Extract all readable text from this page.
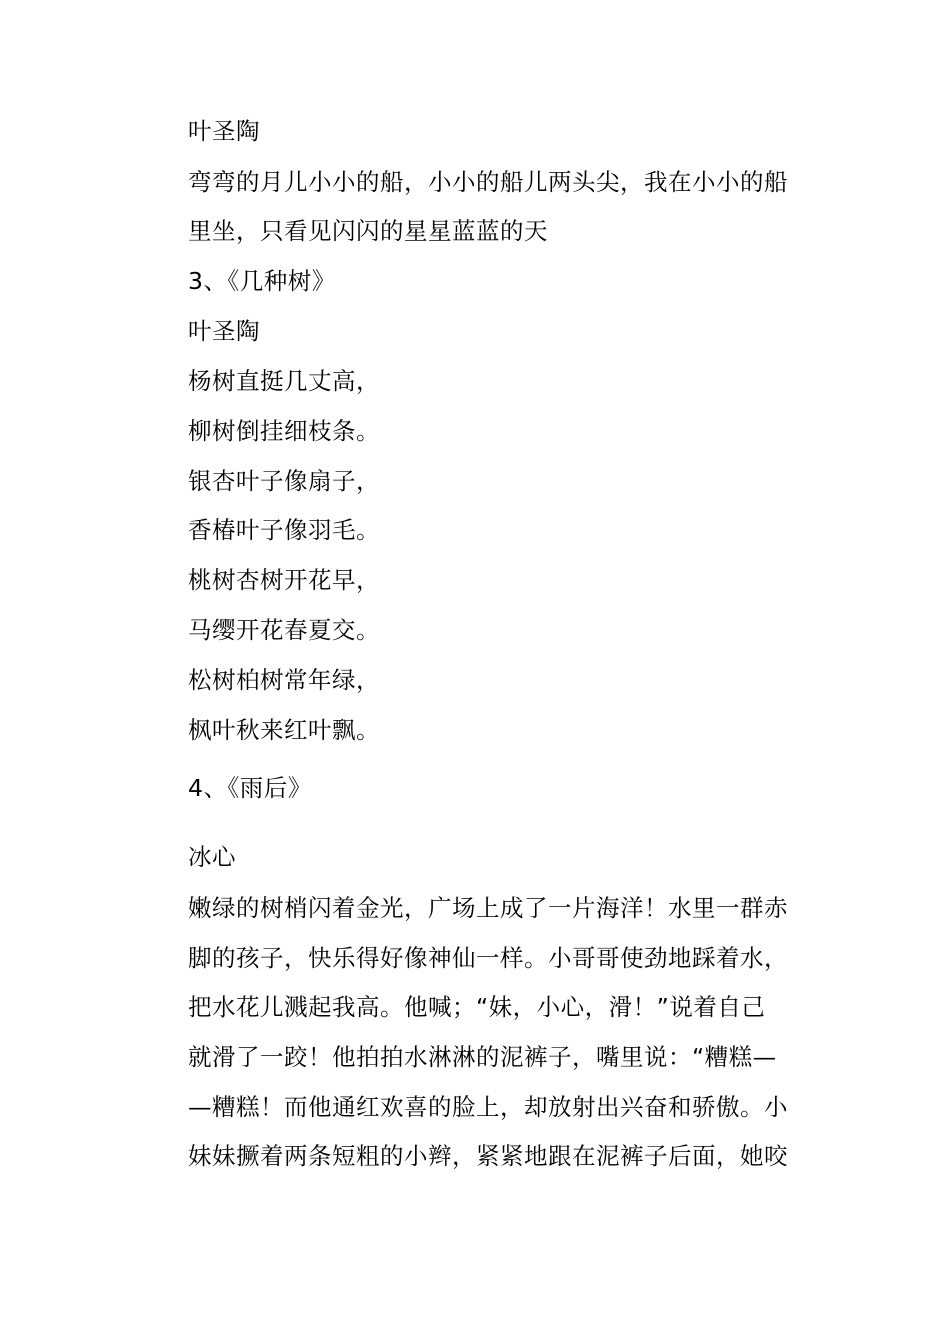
叶圣陶
弯弯的月儿小小的船，小小的船儿两头尖，我在小小的船
里坐，只看见闪闪的星星蓝蓝的天
3、《几种树》
叶圣陶
杨树直挺几丈高，
柳树倒挂细枝条。
银杏叶子像扇子，
香椿叶子像羽毛。
桃树杏树开花早，
马缨开花春夏交。
松树柏树常年绿，
枫叶秋来红叶飘。
4、《雨后》
冰心
嫩绿的树梢闪着金光，广场上成了一片海洋！水里一群赤
脚的孩子，快乐得好像神仙一样。小哥哥使劲地踩着水，
把水花儿溅起我高。他喊；“妹，小心，滑！”说着自己
就滑了一跤！他拍拍水淋淋的泥裤子，嘴里说：“糟糕—
—糟糕！而他通红欢喜的脸上，却放射出兴奋和骄傲。小
妹妹撅着两条短粗的小辫，紧紧地跟在泥裤子后面，她咬
